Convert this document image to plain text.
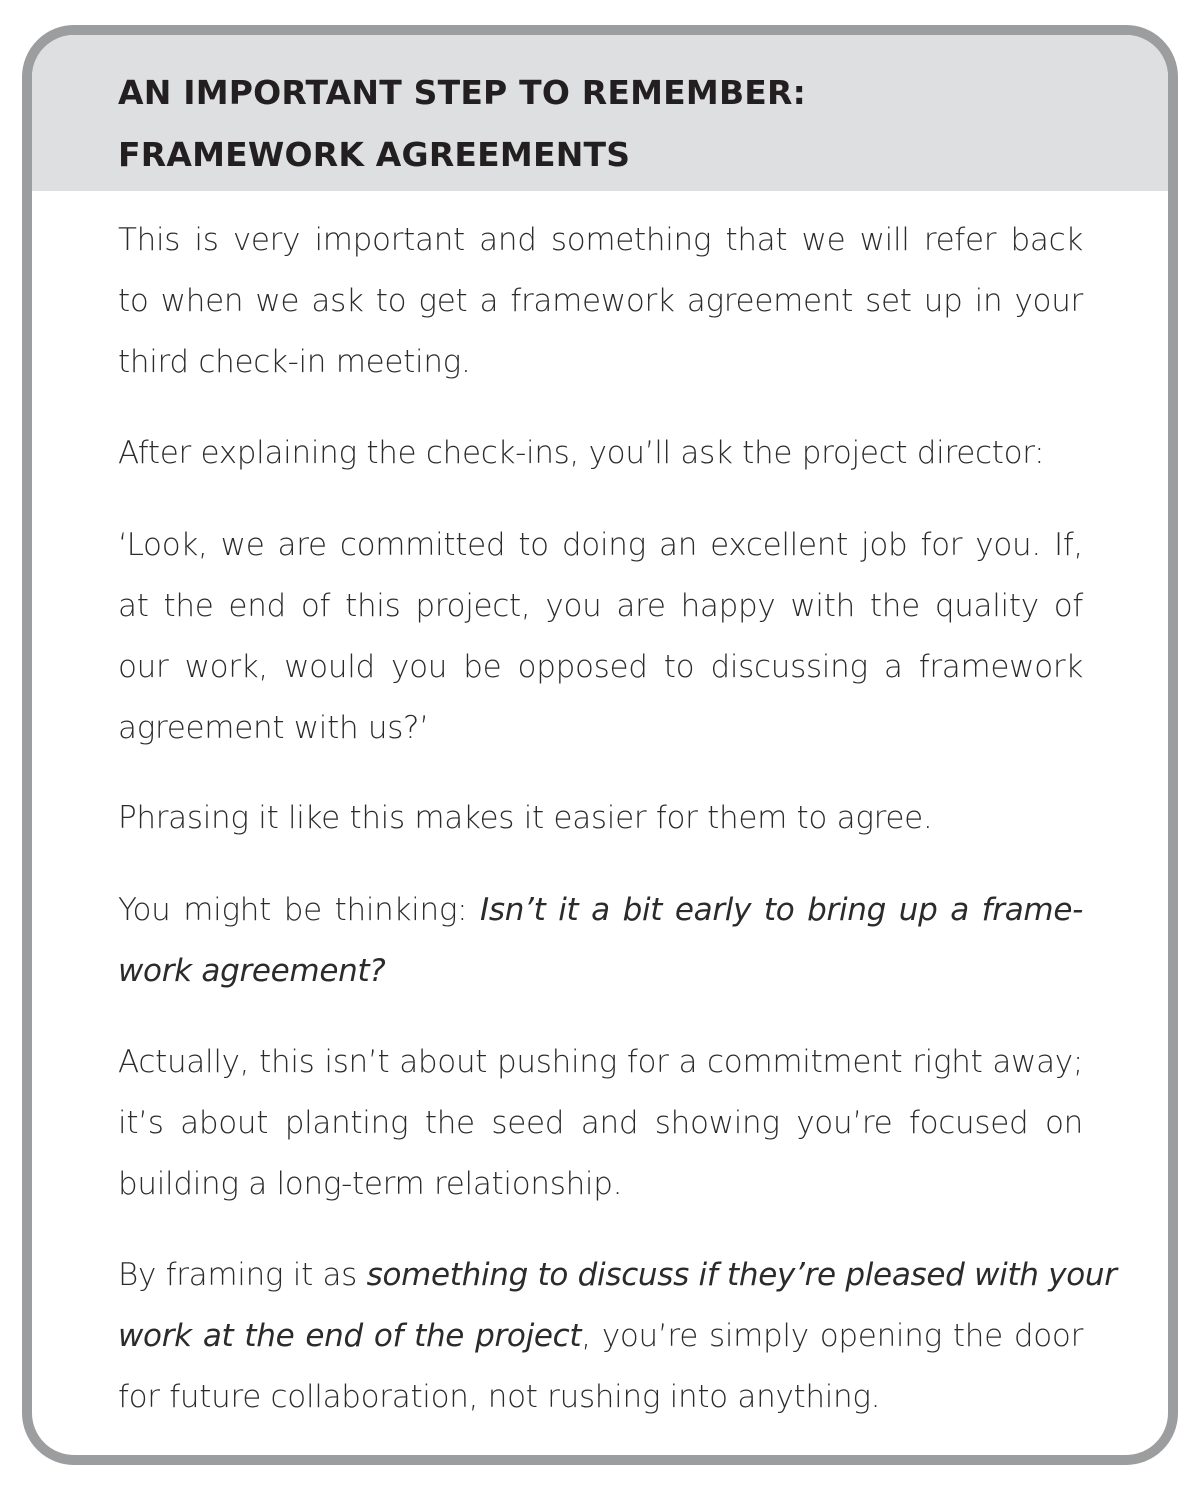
AN IMPORTANT STEP TO REMEMBER:
FRAMEWORK AGREEMENTS
This is very important and something that we will refer back
to when we ask to get a framework agreement set up in your
third check-in meeting.
After explaining the check-ins, you’ll ask the project director:
‘Look, we are committed to doing an excellent job for you. If,
at the end of this project, you are happy with the quality of
our work, would you be opposed to discussing a framework
agreement with us?’
Phrasing it like this makes it easier for them to agree.
You might be thinking: Isn’t it a bit early to bring up a frame-
work agreement?
Actually, this isn’t about pushing for a commitment right away;
it’s about planting the seed and showing you’re focused on
building a long-term relationship.
By framing it as something to discuss if they’re pleased with your
work at the end of the project, you’re simply opening the door
for future collaboration, not rushing into anything.
